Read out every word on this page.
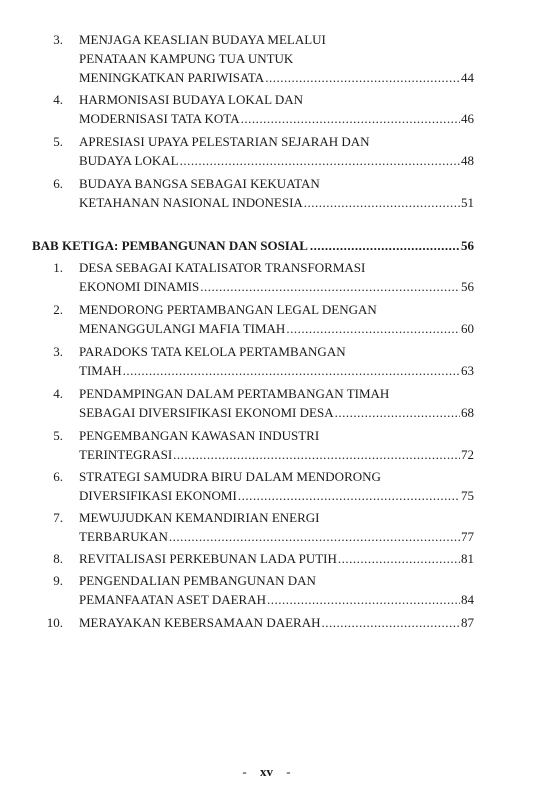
3. MENJAGA KEASLIAN BUDAYA MELALUI
PENATAAN KAMPUNG TUA UNTUK
MENINGKATKAN PARIWISATA .....	44
4. HARMONISASI BUDAYA LOKAL DAN
MODERNISASI TATA KOTA .....	46
5. APRESIASI UPAYA PELESTARIAN SEJARAH DAN
BUDAYA LOKAL .....	48
6. BUDAYA BANGSA SEBAGAI KEKUATAN
KETAHANAN NASIONAL INDONESIA .....	51
BAB KETIGA: PEMBANGUNAN DAN SOSIAL .....	56
1. DESA SEBAGAI KATALISATOR TRANSFORMASI
EKONOMI DINAMIS .....	56
2. MENDORONG PERTAMBANGAN LEGAL DENGAN
MENANGGULANGI MAFIA TIMAH .....	60
3. PARADOKS TATA KELOLA PERTAMBANGAN
TIMAH .....	63
4. PENDAMPINGAN DALAM PERTAMBANGAN TIMAH
SEBAGAI DIVERSIFIKASI EKONOMI DESA .....	68
5. PENGEMBANGAN KAWASAN INDUSTRI
TERINTEGRASI .....	72
6. STRATEGI SAMUDRA BIRU DALAM MENDORONG
DIVERSIFIKASI EKONOMI .....	75
7. MEWUJUDKAN KEMANDIRIAN ENERGI
TERBARUKAN .....	77
8. REVITALISASI PERKEBUNAN LADA PUTIH .....	81
9. PENGENDALIAN PEMBANGUNAN DAN
PEMANFAATAN ASET DAERAH .....	84
10. MERAYAKAN KEBERSAMAAN DAERAH .....	87
- xv -
